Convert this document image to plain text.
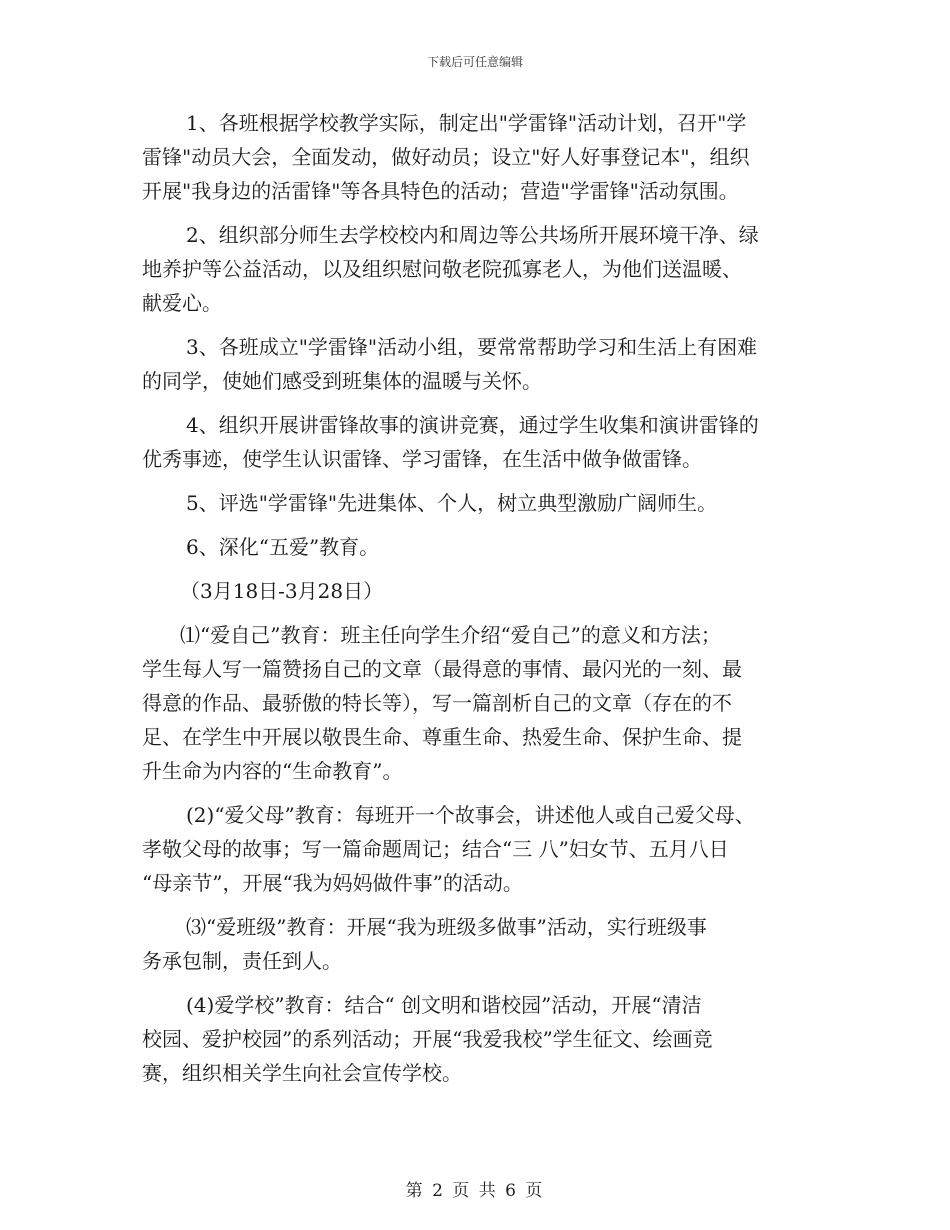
下载后可任意编辑

1、各班根据学校教学实际，制定出"学雷锋"活动计划，召开"学
雷锋"动员大会，全面发动，做好动员；设立"好人好事登记本"，组织
开展"我身边的活雷锋"等各具特色的活动；营造"学雷锋"活动氛围。

2、组织部分师生去学校校内和周边等公共场所开展环境干净、绿
地养护等公益活动，以及组织慰问敬老院孤寡老人，为他们送温暖、
献爱心。

3、各班成立"学雷锋"活动小组，要常常帮助学习和生活上有困难
的同学，使她们感受到班集体的温暖与关怀。

4、组织开展讲雷锋故事的演讲竞赛，通过学生收集和演讲雷锋的
优秀事迹，使学生认识雷锋、学习雷锋，在生活中做争做雷锋。

5、评选"学雷锋"先进集体、个人，树立典型激励广阔师生。

6、深化“五爱”教育。

（3月18日-3月28日）

⑴“爱自己”教育：班主任向学生介绍“爱自己”的意义和方法；
学生每人写一篇赞扬自己的文章（最得意的事情、最闪光的一刻、最
得意的作品、最骄傲的特长等），写一篇剖析自己的文章（存在的不
足、在学生中开展以敬畏生命、尊重生命、热爱生命、保护生命、提
升生命为内容的“生命教育”。

(2)“爱父母”教育：每班开一个故事会，讲述他人或自己爱父母、
孝敬父母的故事；写一篇命题周记；结合“三 八”妇女节、五月八日
“母亲节”，开展“我为妈妈做件事”的活动。

⑶“爱班级”教育：开展“我为班级多做事”活动，实行班级事
务承包制，责任到人。

(4)爱学校”教育：结合“ 创文明和谐校园”活动，开展“清洁
校园、爱护校园”的系列活动；开展“我爱我校”学生征文、绘画竞
赛，组织相关学生向社会宣传学校。

第 2 页 共 6 页
